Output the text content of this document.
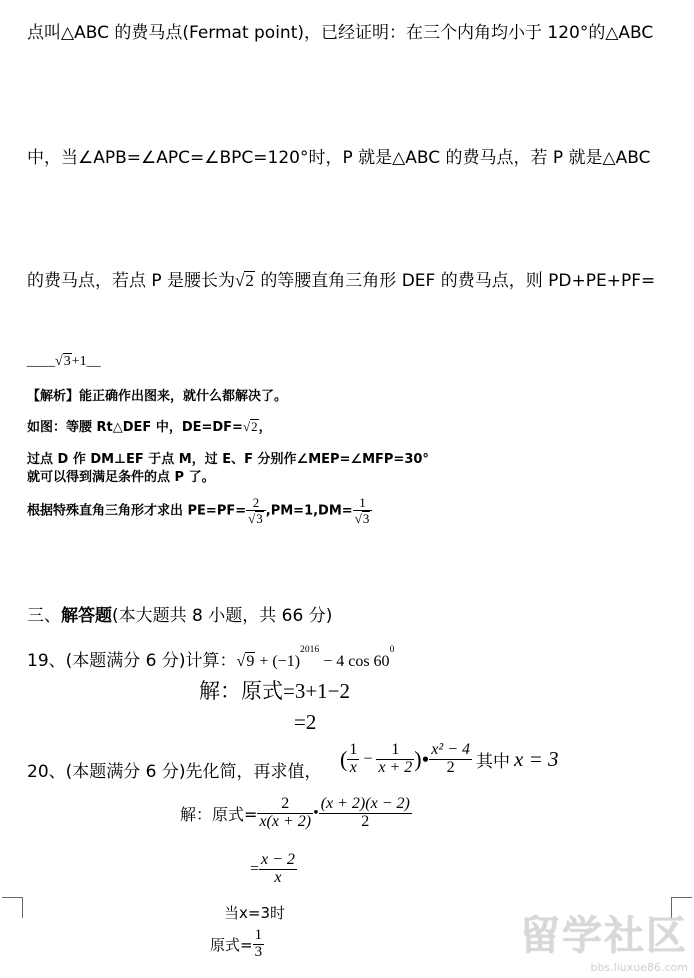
点叫△ABC 的费马点(Fermat point)，已经证明：在三个内角均小于 120°的△ABC
中，当∠APB=∠APC=∠BPC=120°时，P 就是△ABC 的费马点，若 P 就是△ABC
的费马点，若点 P 是腰长为√2 的等腰直角三角形 DEF 的费马点，则 PD+PE+PF=
____√3+1__
【解析】能正确作出图来，就什么都解决了。
如图：等腰 Rt△DEF 中，DE=DF=√2，
过点 D 作 DM⊥EF 于点 M，过 E、F 分别作∠MEP=∠MFP=30°
就可以得到满足条件的点 P 了。
根据特殊直角三角形才求出 $PE=PF= \frac{2}{√3} ,PM=1,DM= \frac{1}{√3}$
三、解答题(本大题共 8 小题，共 66 分)
19、(本题满分 6 分)计算：$√9 + (-1)^{2016} - 4$ $\cos 60^0$
解：原式=3+1−2
=2
20、(本题满分 6 分)先化简，再求值，
( $\frac{1}{x} - \frac{1}{x + 2}$ )• $\frac{\text{x² − 4}}{2}$ 其中 x = 3
解：原式= $\frac{2}{x(x + 2)}$ • $\frac{(x + 2)(x - 2)}{2}$
= $\frac{x - 2}{x}$
当x=3时
原式= $\frac{1}{3}$	留学社区
bbs.liuxue86.com
